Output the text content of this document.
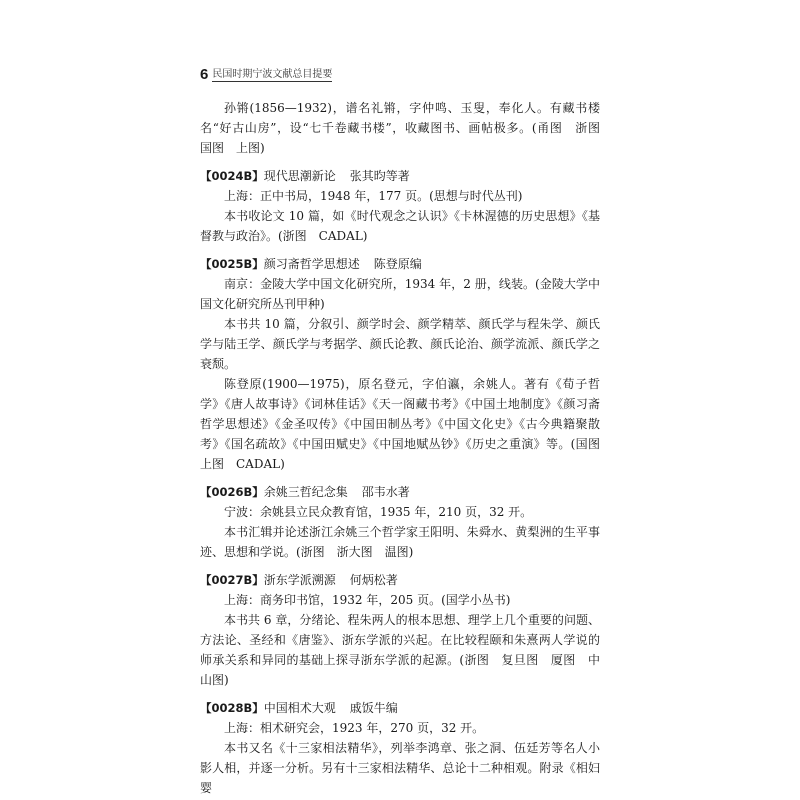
6 民国时期宁波文献总目提要

孙锵(1856—1932)，谱名礼锵，字仲鸣、玉叟，奉化人。有藏书楼名“好古山房”，设“七千卷藏书楼”，收藏图书、画帖极多。(甬图　浙图　国图　上图)

【0024B】现代思潮新论 张其昀等著

上海：正中书局，1948 年，177 页。(思想与时代丛刊)

本书收论文 10 篇，如《时代观念之认识》《卡林渥德的历史思想》《基督教与政治》。(浙图　CADAL)

【0025B】颜习斋哲学思想述 陈登原编

南京：金陵大学中国文化研究所，1934 年，2 册，线装。(金陵大学中国文化研究所丛刊甲种)

本书共 10 篇，分叙引、颜学时会、颜学精萃、颜氏学与程朱学、颜氏学与陆王学、颜氏学与考据学、颜氏论教、颜氏论治、颜学流派、颜氏学之衰颓。

陈登原(1900—1975)，原名登元，字伯瀛，余姚人。著有《荀子哲学》《唐人故事诗》《词林佳话》《天一阁藏书考》《中国土地制度》《颜习斋哲学思想述》《金圣叹传》《中国田制丛考》《中国文化史》《古今典籍聚散考》《国名疏故》《中国田赋史》《中国地赋丛钞》《历史之重演》等。(国图　上图　CADAL)

【0026B】余姚三哲纪念集 邵韦水著

宁波：余姚县立民众教育馆，1935 年，210 页，32 开。

本书汇辑并论述浙江余姚三个哲学家王阳明、朱舜水、黄梨洲的生平事迹、思想和学说。(浙图　浙大图　温图)

【0027B】浙东学派溯源 何炳松著

上海：商务印书馆，1932 年，205 页。(国学小丛书)

本书共 6 章，分绪论、程朱两人的根本思想、理学上几个重要的问题、方法论、圣经和《唐鉴》、浙东学派的兴起。在比较程颐和朱熹两人学说的师承关系和异同的基础上探寻浙东学派的起源。(浙图　复旦图　厦图　中山图)

【0028B】中国相术大观 戚饭牛编

上海：相术研究会，1923 年，270 页，32 开。

本书又名《十三家相法精华》，列举李鸿章、张之洞、伍廷芳等名人小影人相，并逐一分析。另有十三家相法精华、总论十二种相观。附录《相妇婴
